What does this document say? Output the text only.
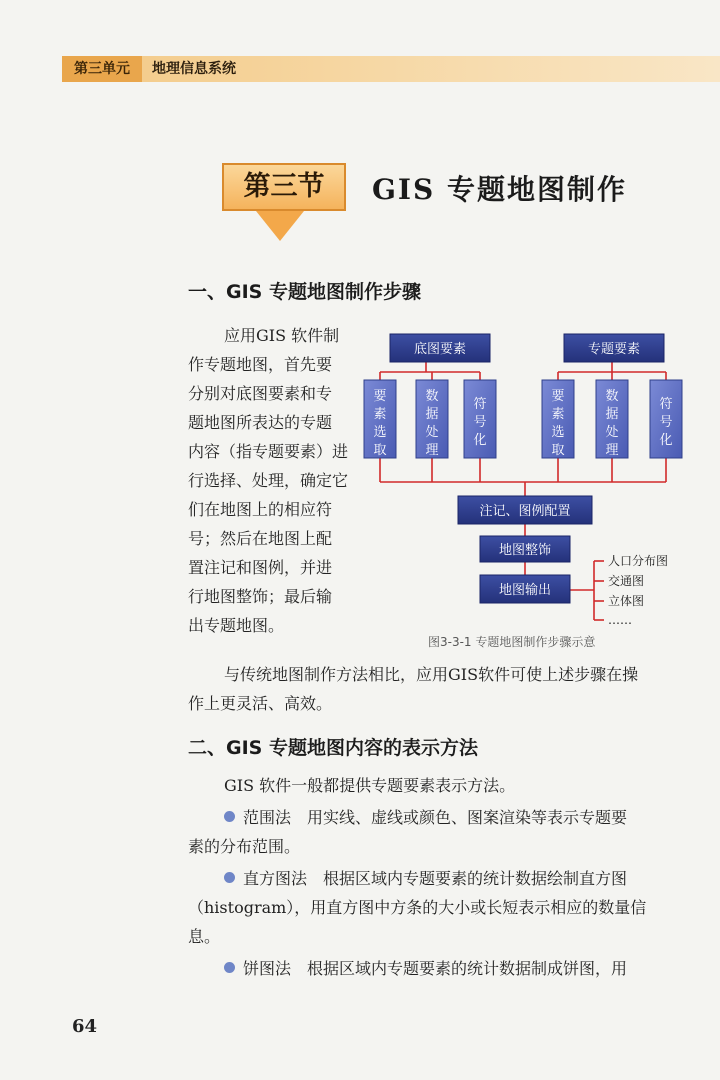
第三单元	地理信息系统
第三节	GIS 专题地图制作
一、GIS 专题地图制作步骤

应用GIS 软件制

作专题地图，首先要

分别对底图要素和专

题地图所表达的专题

内容（指专题要素）进

行选择、处理，确定它

们在地图上的相应符

号；然后在地图上配

置注记和图例，并进

行地图整饰；最后输

出专题地图。

底图要素	专题要素
要
素
选
取
数
据
处
理
符
号
化
要
素
选
取
数
据
处
理
符
号
化
注记、图例配置
地图整饰
地图输出
人口分布图
交通图
立体图
……
图3-3-1 专题地图制作步骤示意

与传统地图制作方法相比，应用GIS软件可使上述步骤在操

作上更灵活、高效。

二、GIS 专题地图内容的表示方法

GIS 软件一般都提供专题要素表示方法。

范围法　用实线、虚线或颜色、图案渲染等表示专题要

素的分布范围。

直方图法　根据区域内专题要素的统计数据绘制直方图

（histogram），用直方图中方条的大小或长短表示相应的数量信

息。

饼图法　根据区域内专题要素的统计数据制成饼图，用

64
